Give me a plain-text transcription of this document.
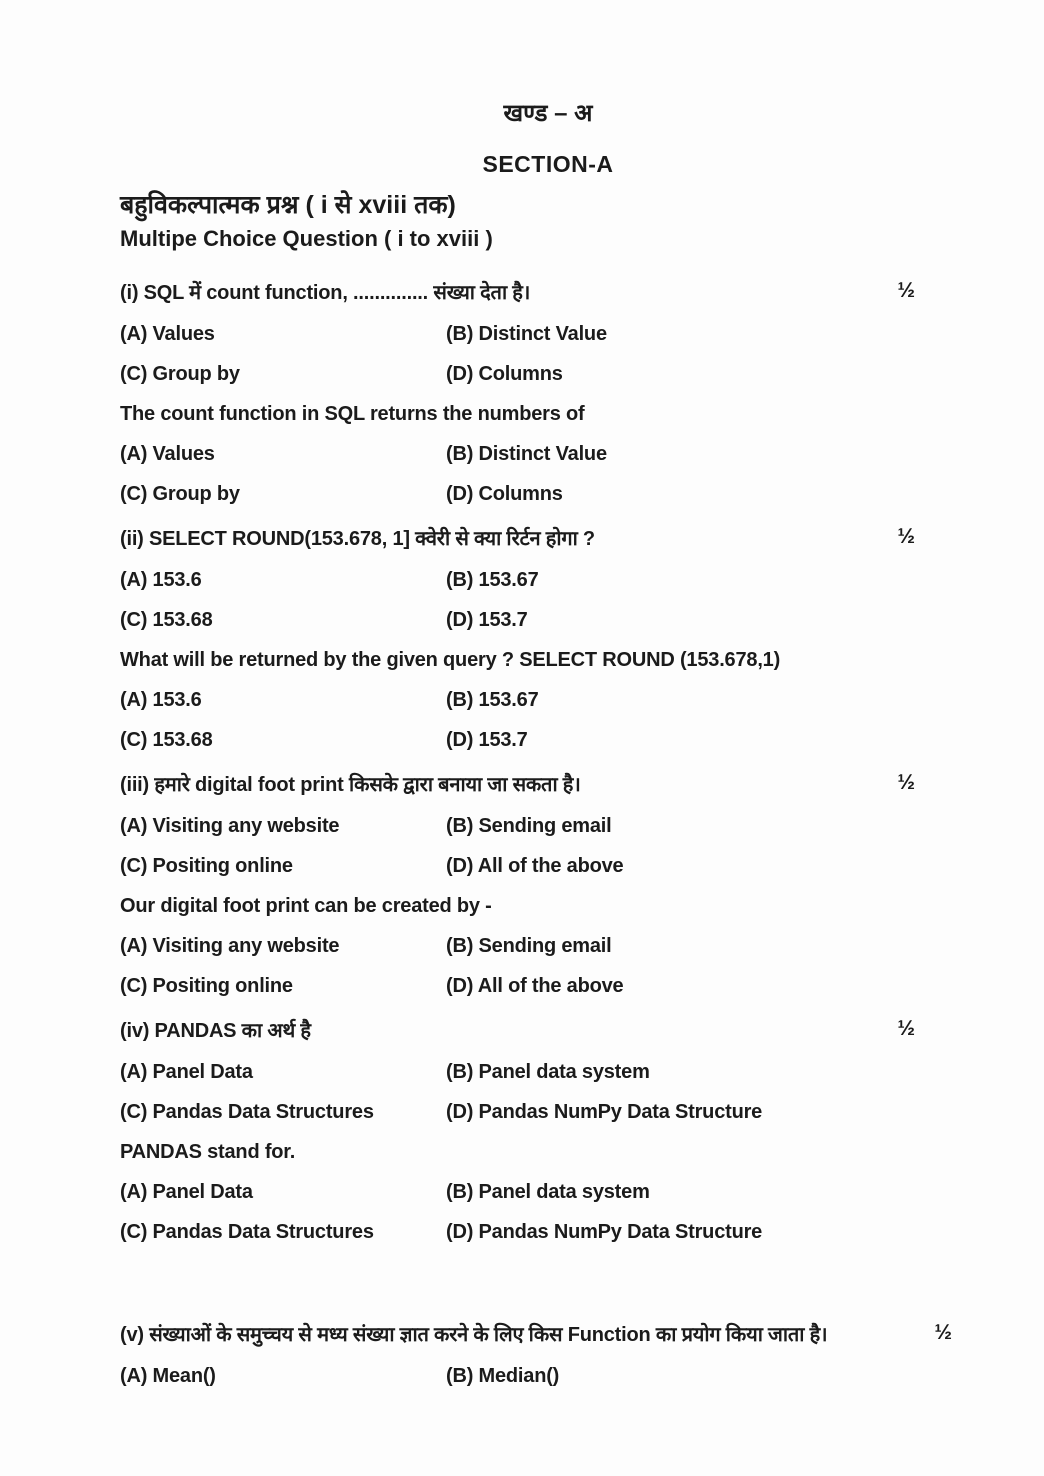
खण्ड – अ
SECTION-A
बहुविकल्पात्मक प्रश्न ( i से xviii तक)
Multipe Choice Question ( i to xviii )
(i) SQL में count function, .............. संख्या देता है।	½
(A) Values	(B) Distinct Value
(C) Group by	(D) Columns
The count function in SQL returns the numbers of
(A) Values	(B) Distinct Value
(C) Group by	(D) Columns
(ii) SELECT ROUND(153.678, 1] क्वेरी से क्या रिर्टन होगा ?	½
(A) 153.6	(B) 153.67
(C) 153.68	(D) 153.7
What will be returned by the given query ? SELECT ROUND (153.678,1)
(A) 153.6	(B) 153.67
(C) 153.68	(D) 153.7
(iii) हमारे digital foot print किसके द्वारा बनाया जा सकता है।	½
(A) Visiting any website	(B) Sending email
(C) Positing online	(D) All of the above
Our digital foot print can be created by -
(A) Visiting any website	(B) Sending email
(C) Positing online	(D) All of the above
(iv) PANDAS का अर्थ है	½
(A) Panel Data	(B) Panel data system
(C) Pandas Data Structures	(D) Pandas NumPy Data Structure
PANDAS stand for.
(A) Panel Data	(B) Panel data system
(C) Pandas Data Structures	(D) Pandas NumPy Data Structure
(v) संख्याओं के समुच्चय से मध्य संख्या ज्ञात करने के लिए किस Function का प्रयोग किया जाता है।	½
(A) Mean()	(B) Median()
